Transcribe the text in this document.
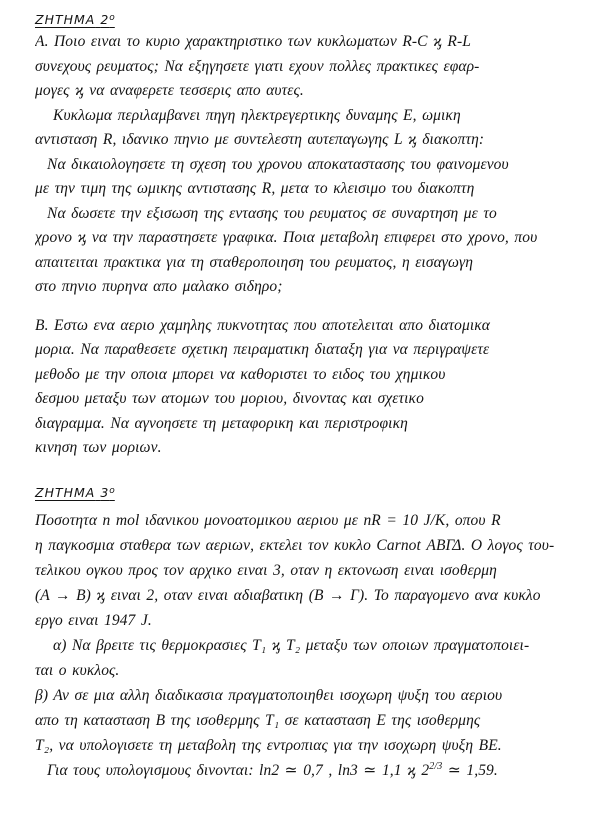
ΖΗΤΗΜΑ $2^o$
Α. Ποιο ειναι το κυριο χαρακτηριστικο των κυκλωματων R-C ϗ R-L
συνεχους ρευματος; Να εξηγησετε γιατι εχουν πολλες πρακτικες εφαρ-
μογες ϗ να αναφερετε τεσσερις απο αυτες.
Κυκλωμα περιλαμβανει πηγη ηλεκτρεγερτικης δυναμης Ε, ωμικη
αντισταση R, ιδανικο πηνιο με συντελεστη αυτεπαγωγης L ϗ διακοπτη:
Να δικαιολογησετε τη σχεση του χρονου αποκαταστασης του φαινομενου
με την τιμη της ωμικης αντιστασης R, μετα το κλεισιμο του διακοπτη
Να δωσετε την εξισωση της εντασης του ρευματος σε συναρτηση με το
χρονο ϗ να την παραστησετε γραφικα. Ποια μεταβολη επιφερει στο χρονο, που
απαιτειται πρακτικα για τη σταθεροποιηση του ρευματος, η εισαγωγη
στο πηνιο πυρηνα απο μαλακο σιδηρο;
Β. Εστω ενα αεριο χαμηλης πυκνοτητας που αποτελειται απο διατομικα
μορια. Να παραθεσετε σχετικη πειραματικη διαταξη για να περιγραψετε
μεθοδο με την οποια μπορει να καθοριστει το ειδος του χημικου
δεσμου μεταξυ των ατομων του μοριου, δινοντας και σχετικο
διαγραμμα. Να αγνοησετε τη μεταφορικη και περιστροφικη
κινηση των μοριων.
ΖΗΤΗΜΑ $3^o$
Ποσοτητα n mol ιδανικου μονοατομικου αεριου με nR = 10 J/K, οπου R
η παγκοσμια σταθερα των αεριων, εκτελει τον κυκλο Carnot ΑΒΓΔ. Ο λογος του-
τελικου ογκου προς τον αρχικο ειναι 3, οταν η εκτονωση ειναι ισοθερμη
(Α → Β) ϗ ειναι 2, οταν ειναι αδιαβατικη (Β → Γ). Το παραγομενο ανα κυκλο
εργο ειναι 1947 J.
α) Να βρειτε τις θερμοκρασιες T₁ ϗ T₂ μεταξυ των οποιων πραγματοποιει-
ται ο κυκλος.
β) Αν σε μια αλλη διαδικασια πραγματοποιηθει ισοχωρη ψυξη του αεριου
απο τη κατασταση Β της ισοθερμης T₁ σε κατασταση Ε της ισοθερμης
T₂, να υπολογισετε τη μεταβολη της εντροπιας για την ισοχωρη ψυξη ΒΕ.
Για τους υπολογισμους δινονται: ln2 ≃ 0,7 , ln3 ≃ 1,1 ϗ $2^{2/3}$ ≃ 1,59.
